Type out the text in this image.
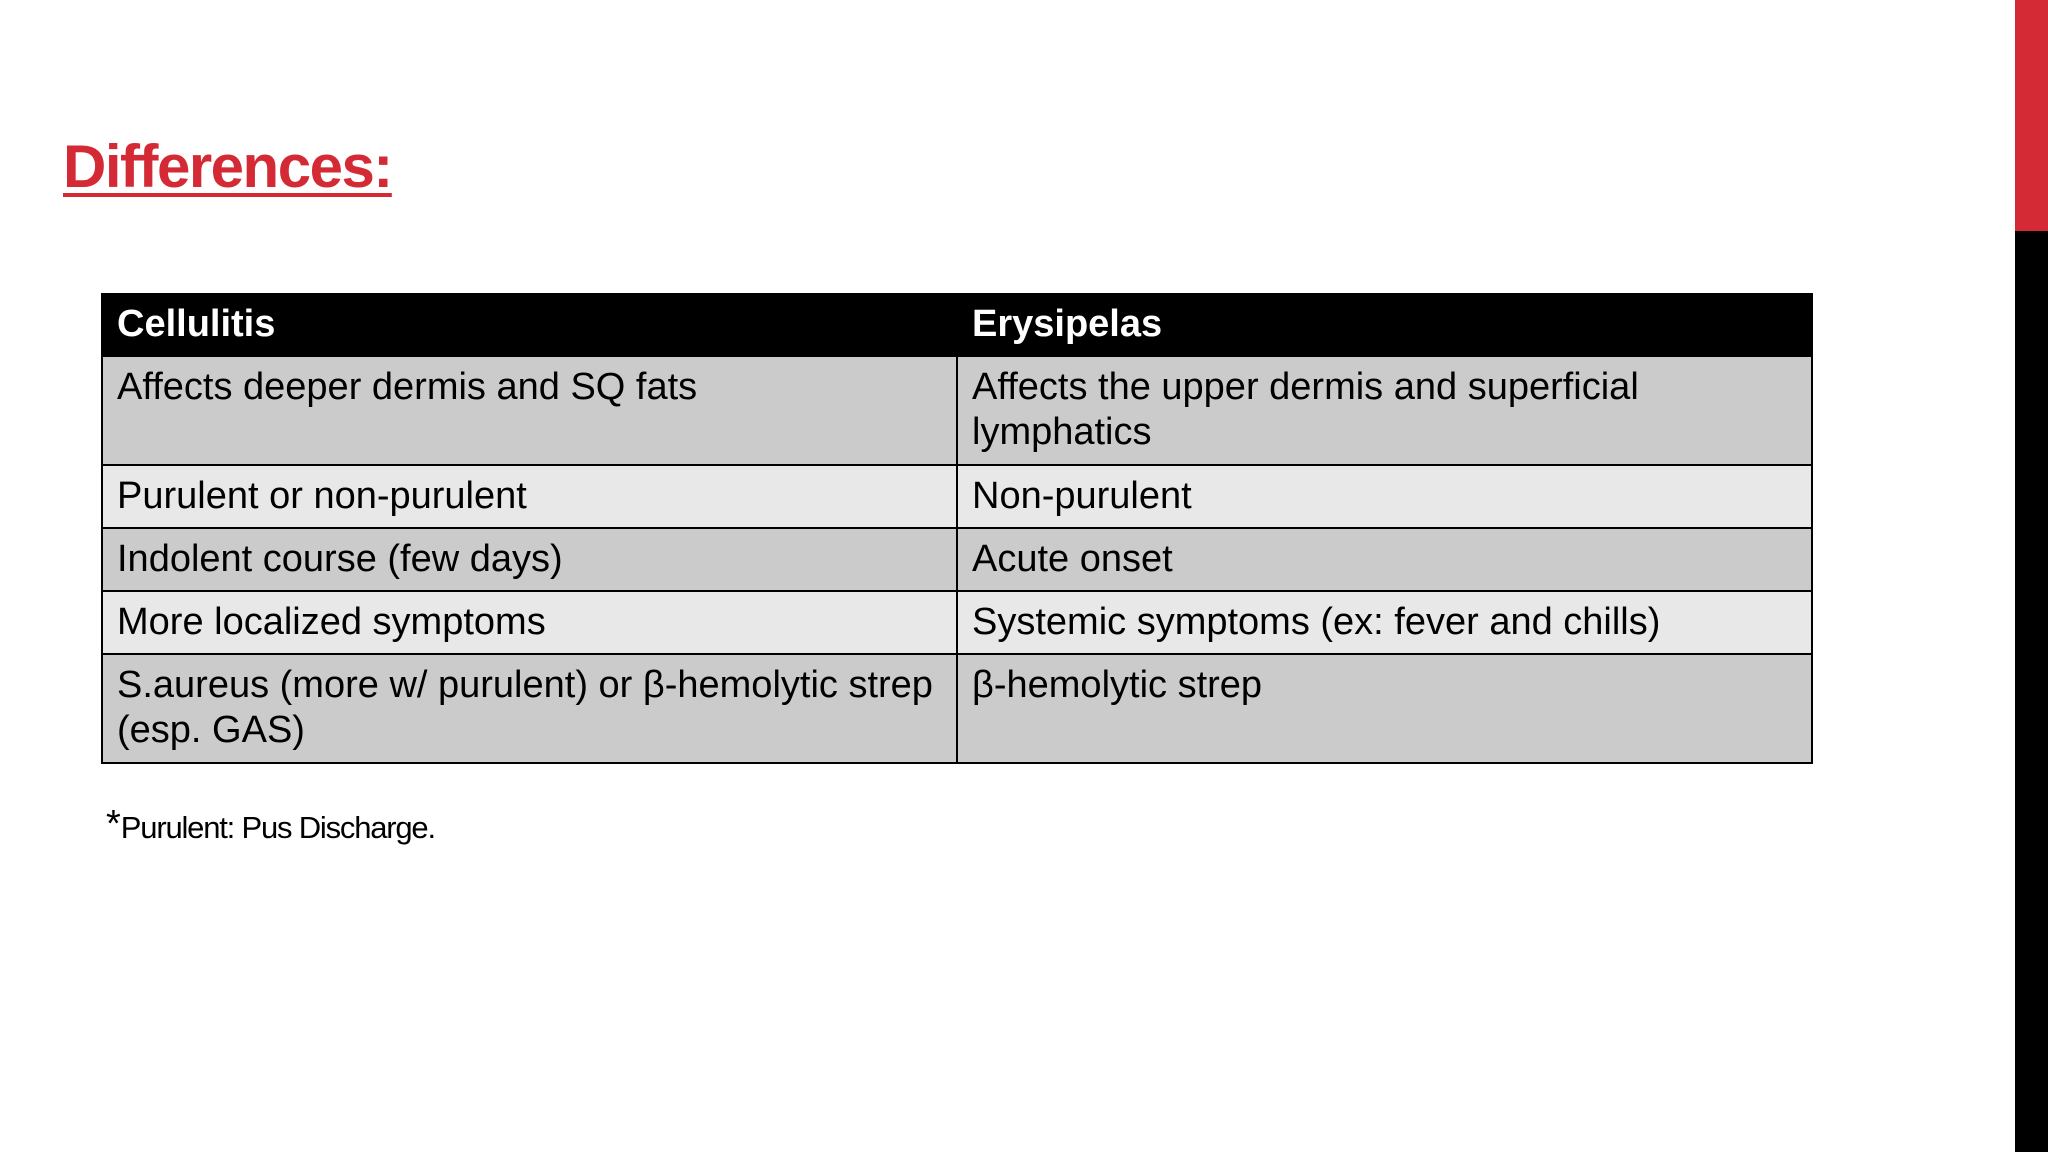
Differences:
Cellulitis	Erysipelas
Affects deeper dermis and SQ fats	Affects the upper dermis and superficial lymphatics
Purulent or non-purulent	Non-purulent
Indolent course (few days)	Acute onset
More localized symptoms	Systemic symptoms (ex: fever and chills)
S.aureus (more w/ purulent) or β-hemolytic strep (esp. GAS)	β-hemolytic strep

*Purulent: Pus Discharge.
